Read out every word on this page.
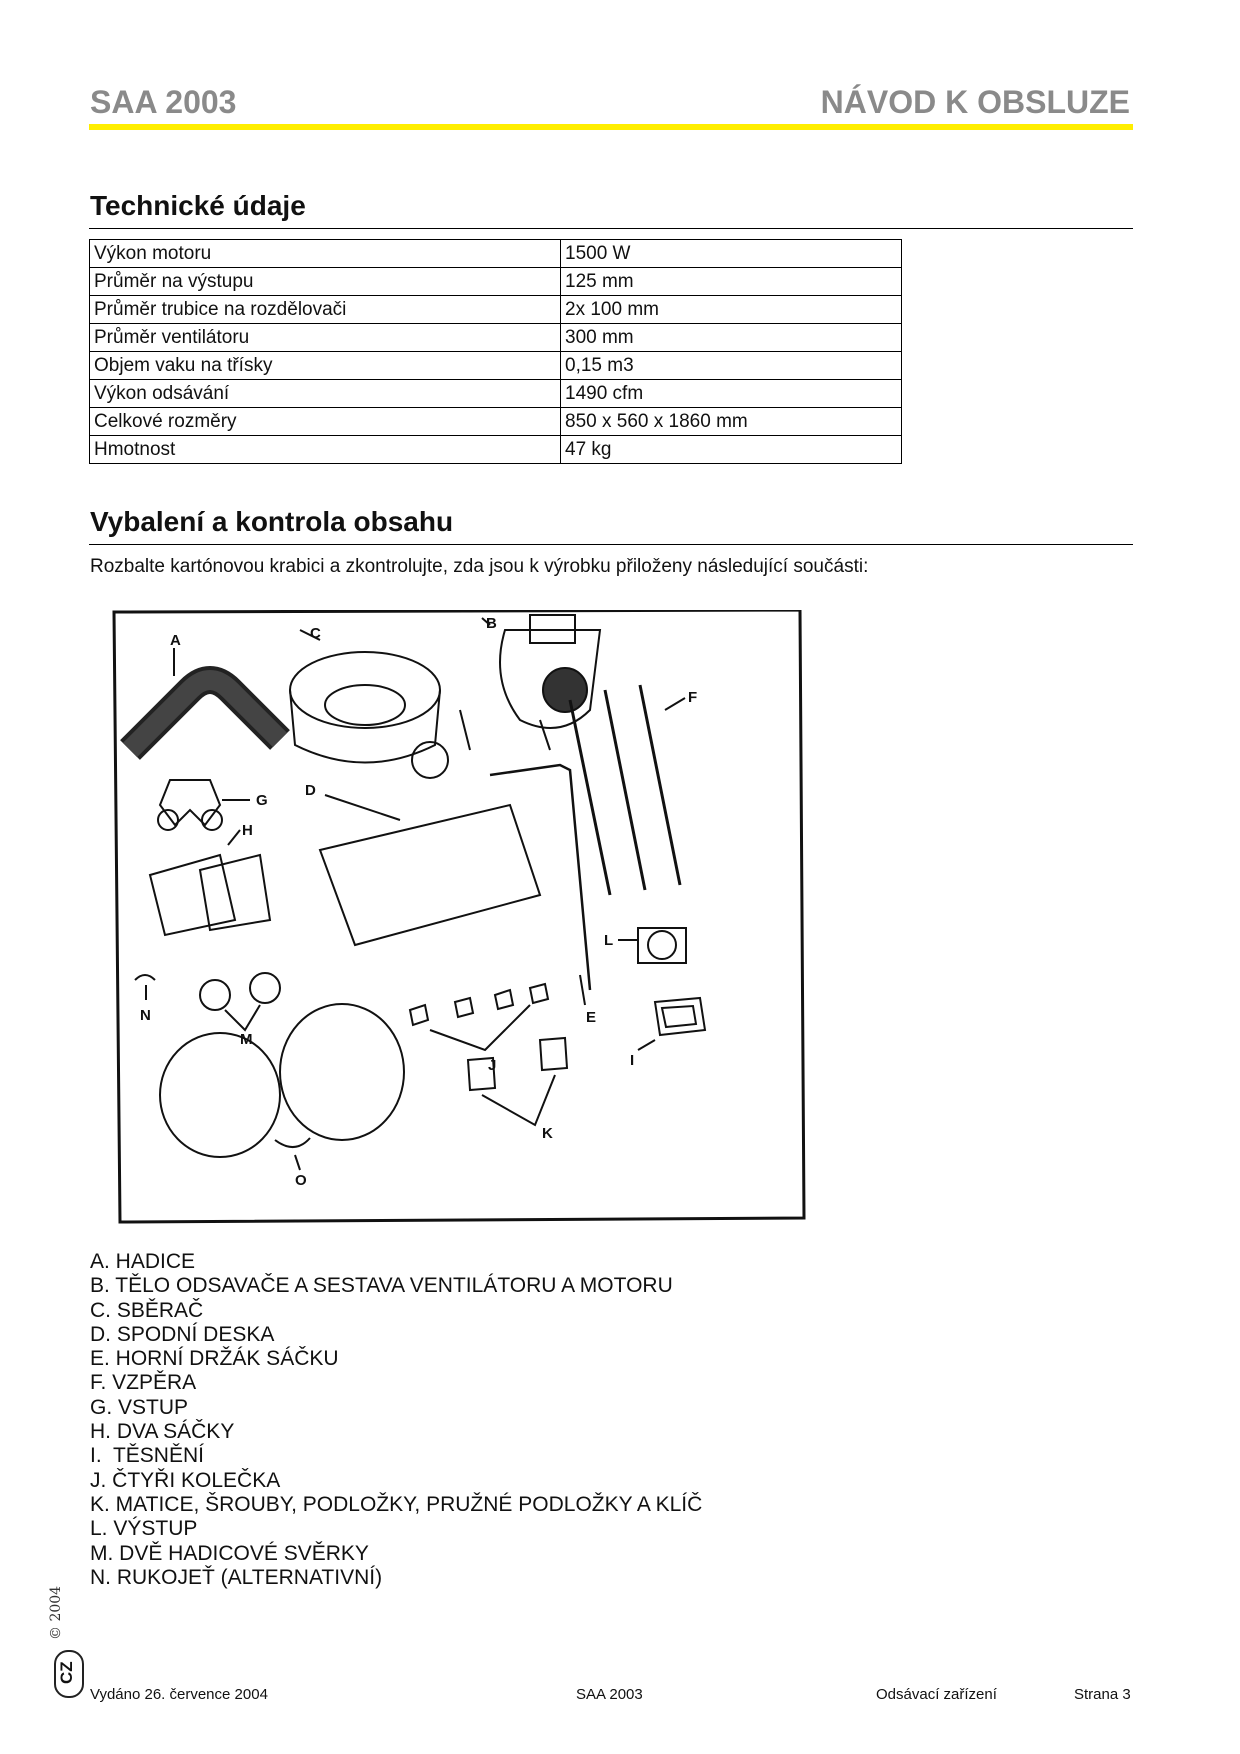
SAA 2003	NÁVOD K OBSLUZE
Technické údaje
Výkon motoru	1500 W
Průměr na výstupu	125 mm
Průměr trubice na rozdělovači	2x 100 mm
Průměr ventilátoru	300 mm
Objem vaku na třísky	0,15 m3
Výkon odsávání	1490 cfm
Celkové rozměry	850 x 560 x 1860 mm
Hmotnost	47 kg
Vybalení a kontrola obsahu
Rozbalte kartónovou krabici a zkontrolujte, zda jsou k výrobku přiloženy následující součásti:
A
B
C
D
E
F
G
H
I
J
K
L
M
N
O
A. HADICE
B. TĚLO ODSAVAČE A SESTAVA VENTILÁTORU A MOTORU
C. SBĚRAČ
D. SPODNÍ DESKA
E. HORNÍ DRŽÁK SÁČKU
F. VZPĚRA
G. VSTUP
H. DVA SÁČKY
I.  TĚSNĚNÍ
J. ČTYŘI KOLEČKA
K. MATICE, ŠROUBY, PODLOŽKY, PRUŽNÉ PODLOŽKY A KLÍČ
L. VÝSTUP
M. DVĚ HADICOVÉ SVĚRKY
N. RUKOJEŤ (ALTERNATIVNÍ)
© 2004
CZ
Vydáno 26. července 2004	SAA 2003	Odsávací zařízení	Strana 3
